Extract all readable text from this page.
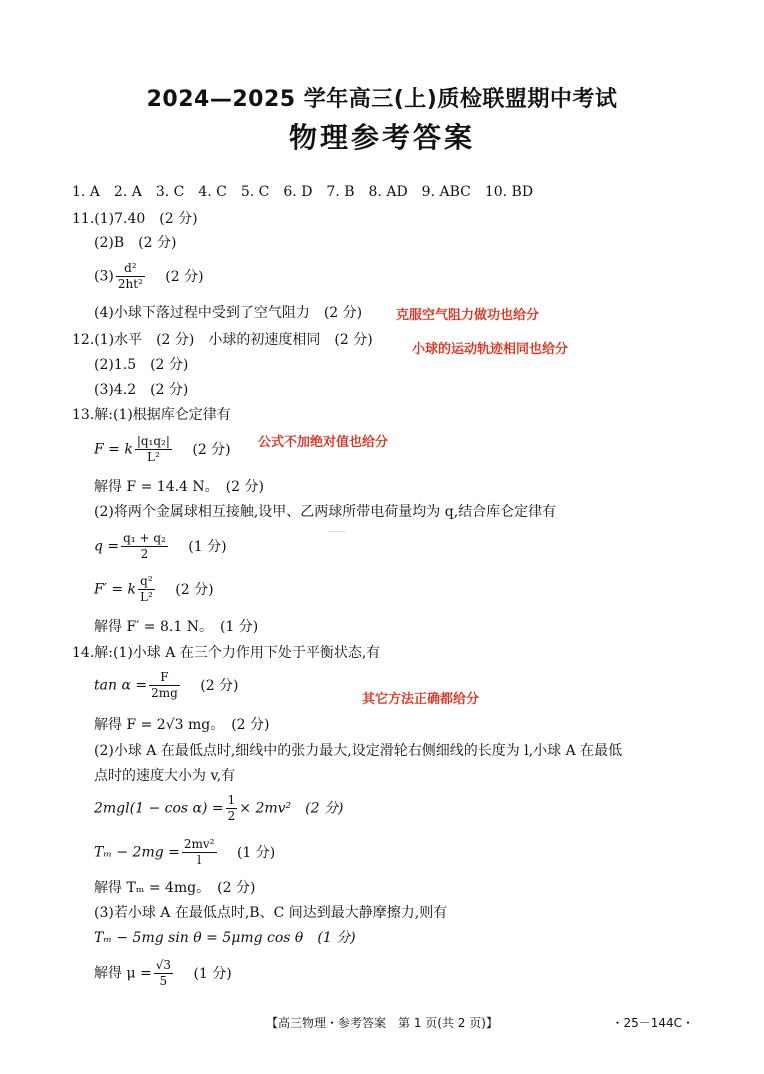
2024—2025 学年高三(上)质检联盟期中考试
物理参考答案
1. A　2. A　3. C　4. C　5. C　6. D　7. B　8. AD　9. ABC　10. BD
11.(1)7.40　(2 分)
(2)B　(2 分)
$(3) \frac{\text{d²}}{\text{2ht²}} (2$ 分)
(4)小球下落过程中受到了空气阻力　(2 分)	克服空气阻力做功也给分
12.(1)水平　(2 分)　小球的初速度相同　(2 分)
小球的运动轨迹相同也给分
(2)1.5　(2 分)
(3)4.2　(2 分)
13.解:(1)根据库仑定律有
F = k $\frac{\text{|q₁q₂|}}{\text{L²}} (2$ 分) 公式不加绝对值也给分
解得 F = 14.4 N。　(2 分)
(2)将两个金属球相互接触,设甲、乙两球所带电荷量均为 q,结合库仑定律有
$q = \frac{\text{q₁ + q₂}}{2} (1$ 分)
F′ = k $\frac{\text{q²}}{\text{L²}} (2$ 分)
解得 F′ = 8.1 N。　(1 分)
14.解:(1)小球 A 在三个力作用下处于平衡状态,有
$\tan \alpha = \frac{F}{2mg} (2$ 分)
其它方法正确都给分
解得 F = 2√3 mg。　(2 分)
(2)小球 A 在最低点时,细线中的张力最大,设定滑轮右侧细线的长度为 l,小球 A 在最低
点时的速度大小为 v,有
$2mgl(1 - \cos \alpha) = \frac{1}{2} \times 2mv^2$　(2 分)
$T_m - 2mg = \frac{\text{2mv²}}{l} (1$ 分)
解得 Tₘ = 4mg。　(2 分)
(3)若小球 A 在最低点时,B、C 间达到最大静摩擦力,则有
Tₘ − 5mg sin θ = 5μmg cos θ　(1 分)
解得 $\mu = \frac{√3}{5} (1$ 分)
【高三物理・参考答案　第 1 页(共 2 页)】	・25－144C・
